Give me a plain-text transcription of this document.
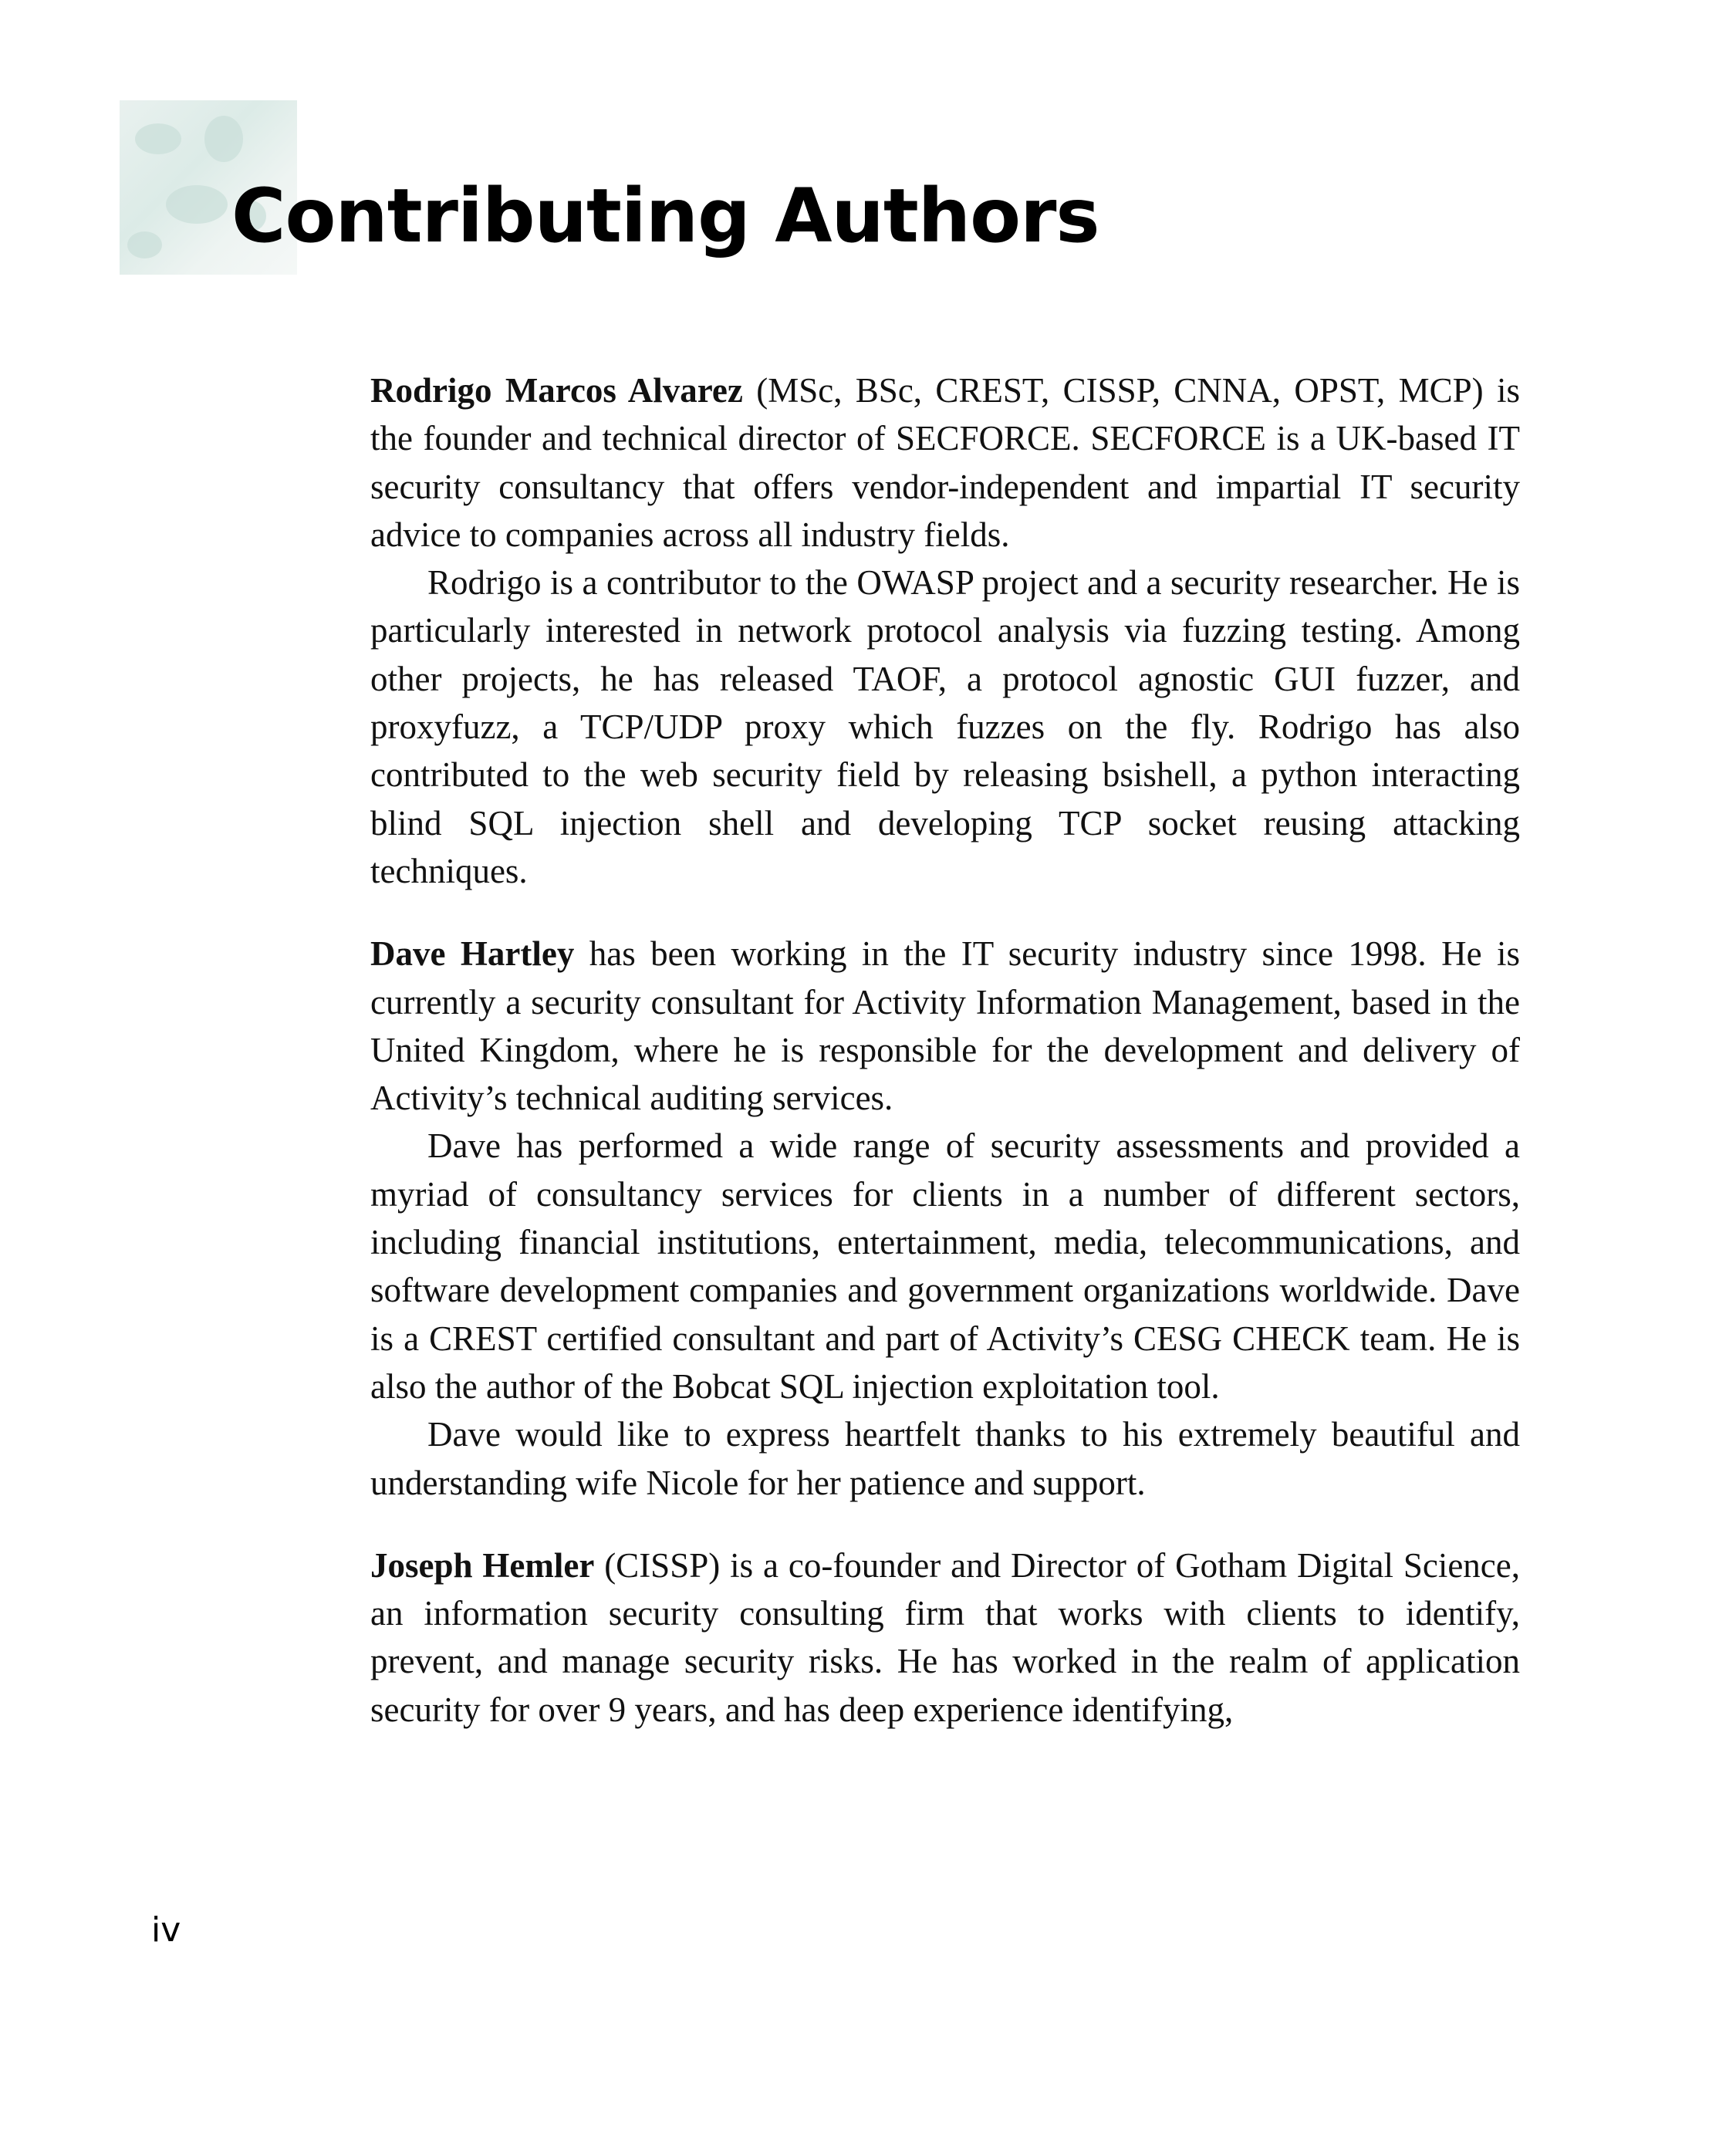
Contributing Authors

Rodrigo Marcos Alvarez (MSc, BSc, CREST, CISSP, CNNA, OPST, MCP) is the founder and technical director of SECFORCE. SECFORCE is a UK-based IT security consultancy that offers vendor-independent and impartial IT security advice to companies across all industry fields.

Rodrigo is a contributor to the OWASP project and a security researcher. He is particularly interested in network protocol analysis via fuzzing testing. Among other projects, he has released TAOF, a protocol agnostic GUI fuzzer, and proxyfuzz, a TCP/UDP proxy which fuzzes on the fly. Rodrigo has also contributed to the web security field by releasing bsishell, a python interacting blind SQL injection shell and developing TCP socket reusing attacking techniques.

Dave Hartley has been working in the IT security industry since 1998. He is currently a security consultant for Activity Information Management, based in the United Kingdom, where he is responsible for the development and delivery of Activity’s technical auditing services.

Dave has performed a wide range of security assessments and provided a myriad of consultancy services for clients in a number of different sectors, including financial institutions, entertainment, media, telecommunications, and software development companies and government organizations worldwide. Dave is a CREST certified consultant and part of Activity’s CESG CHECK team. He is also the author of the Bobcat SQL injection exploitation tool.

Dave would like to express heartfelt thanks to his extremely beautiful and understanding wife Nicole for her patience and support.

Joseph Hemler (CISSP) is a co-founder and Director of Gotham Digital Science, an information security consulting firm that works with clients to identify, prevent, and manage security risks. He has worked in the realm of application security for over 9 years, and has deep experience identifying,

iv
